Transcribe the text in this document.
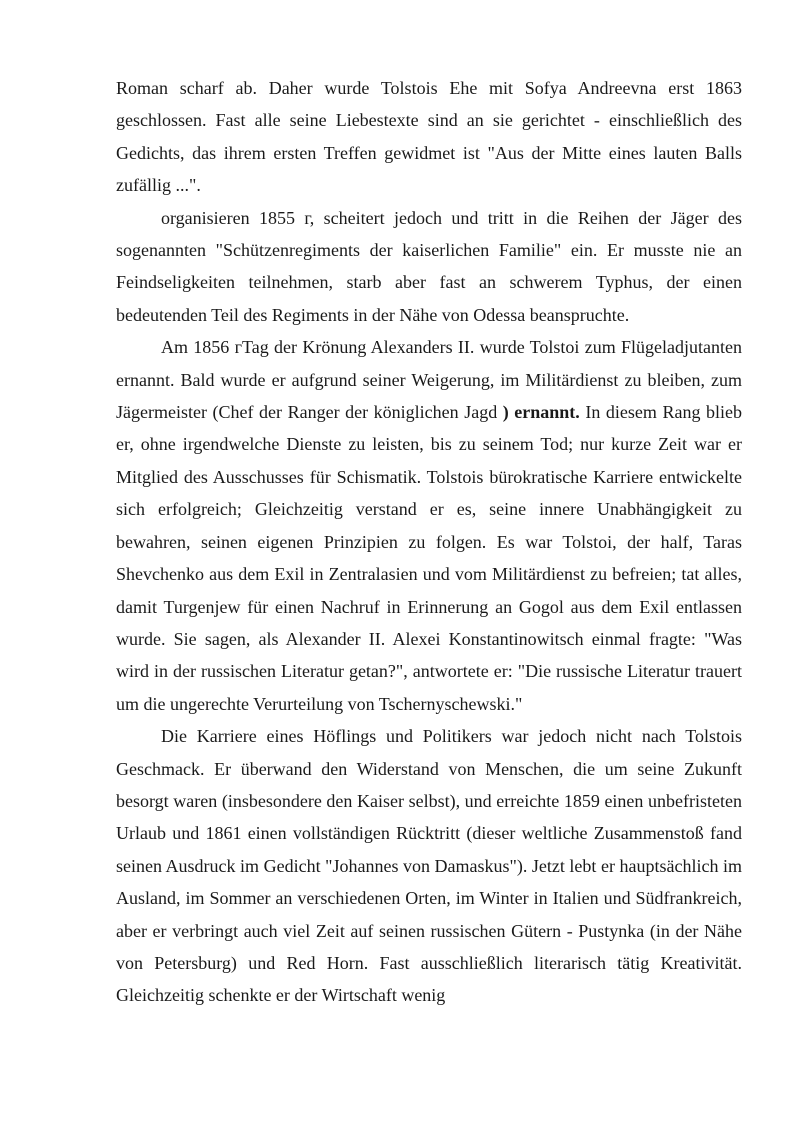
Roman scharf ab. Daher wurde Tolstois Ehe mit Sofya Andreevna erst 1863 geschlossen. Fast alle seine Liebestexte sind an sie gerichtet - einschließlich des Gedichts, das ihrem ersten Treffen gewidmet ist "Aus der Mitte eines lauten Balls zufällig ...".

organisieren 1855 г, scheitert jedoch und tritt in die Reihen der Jäger des sogenannten "Schützenregiments der kaiserlichen Familie" ein. Er musste nie an Feindseligkeiten teilnehmen, starb aber fast an schwerem Typhus, der einen bedeutenden Teil des Regiments in der Nähe von Odessa beanspruchte.

Am 1856 гTag der Krönung Alexanders II. wurde Tolstoi zum Flügeladjutanten ernannt. Bald wurde er aufgrund seiner Weigerung, im Militärdienst zu bleiben, zum Jägermeister (Chef der Ranger der königlichen Jagd ) ernannt. In diesem Rang blieb er, ohne irgendwelche Dienste zu leisten, bis zu seinem Tod; nur kurze Zeit war er Mitglied des Ausschusses für Schismatik. Tolstois bürokratische Karriere entwickelte sich erfolgreich; Gleichzeitig verstand er es, seine innere Unabhängigkeit zu bewahren, seinen eigenen Prinzipien zu folgen. Es war Tolstoi, der half, Taras Shevchenko aus dem Exil in Zentralasien und vom Militärdienst zu befreien; tat alles, damit Turgenjew für einen Nachruf in Erinnerung an Gogol aus dem Exil entlassen wurde. Sie sagen, als Alexander II. Alexei Konstantinowitsch einmal fragte: "Was wird in der russischen Literatur getan?", antwortete er: "Die russische Literatur trauert um die ungerechte Verurteilung von Tschernyschewski."

Die Karriere eines Höflings und Politikers war jedoch nicht nach Tolstois Geschmack. Er überwand den Widerstand von Menschen, die um seine Zukunft besorgt waren (insbesondere den Kaiser selbst), und erreichte 1859 einen unbefristeten Urlaub und 1861 einen vollständigen Rücktritt (dieser weltliche Zusammenstoß fand seinen Ausdruck im Gedicht "Johannes von Damaskus"). Jetzt lebt er hauptsächlich im Ausland, im Sommer an verschiedenen Orten, im Winter in Italien und Südfrankreich, aber er verbringt auch viel Zeit auf seinen russischen Gütern - Pustynka (in der Nähe von Petersburg) und Red Horn. Fast ausschließlich literarisch tätig Kreativität. Gleichzeitig schenkte er der Wirtschaft wenig
